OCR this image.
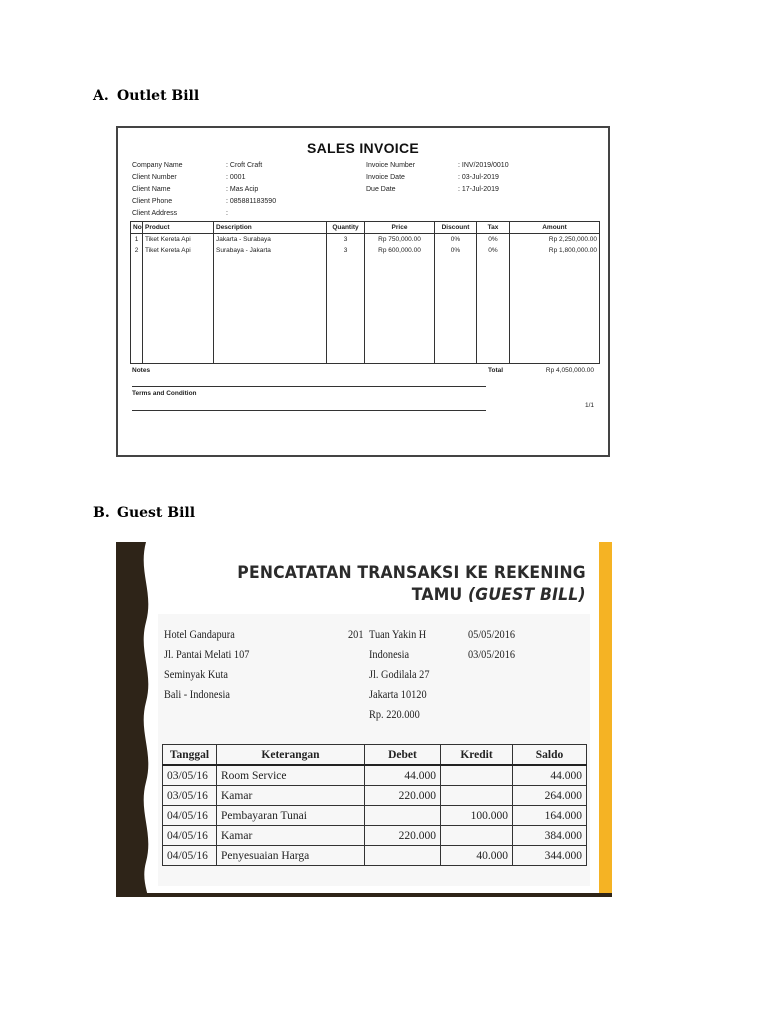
A. Outlet Bill
SALES INVOICE
Company Name	: Croft Craft
Client Number	: 0001
Client Name	: Mas Acip
Client Phone	: 085881183590
Client Address	:
Invoice Number	: INV/2019/0010
Invoice Date	: 03-Jul-2019
Due Date	: 17-Jul-2019
No	Product	Description	Quantity	Price	Discount	Tax	Amount
1	Tiket Kereta Api	Jakarta - Surabaya	3	Rp 750,000.00	0%	0%	Rp 2,250,000.00
2	Tiket Kereta Api	Surabaya - Jakarta	3	Rp 600,000.00	0%	0%	Rp 1,800,000.00

Notes	Total	Rp 4,050,000.00
Terms and Condition
1/1
B. Guest Bill
PENCATATAN TRANSAKSI KE REKENING
TAMU (GUEST BILL)
Hotel Gandapura
Jl. Pantai Melati 107
Seminyak Kuta
Bali - Indonesia
201 Tuan Yakin H
Indonesia
Jl. Godilala 27
Jakarta 10120
Rp. 220.000
05/05/2016
03/05/2016
Tanggal	Keterangan	Debet	Kredit	Saldo
03/05/16	Room Service	44.000		44.000
03/05/16	Kamar	220.000		264.000
04/05/16	Pembayaran Tunai		100.000	164.000
04/05/16	Kamar	220.000		384.000
04/05/16	Penyesuaian Harga		40.000	344.000
